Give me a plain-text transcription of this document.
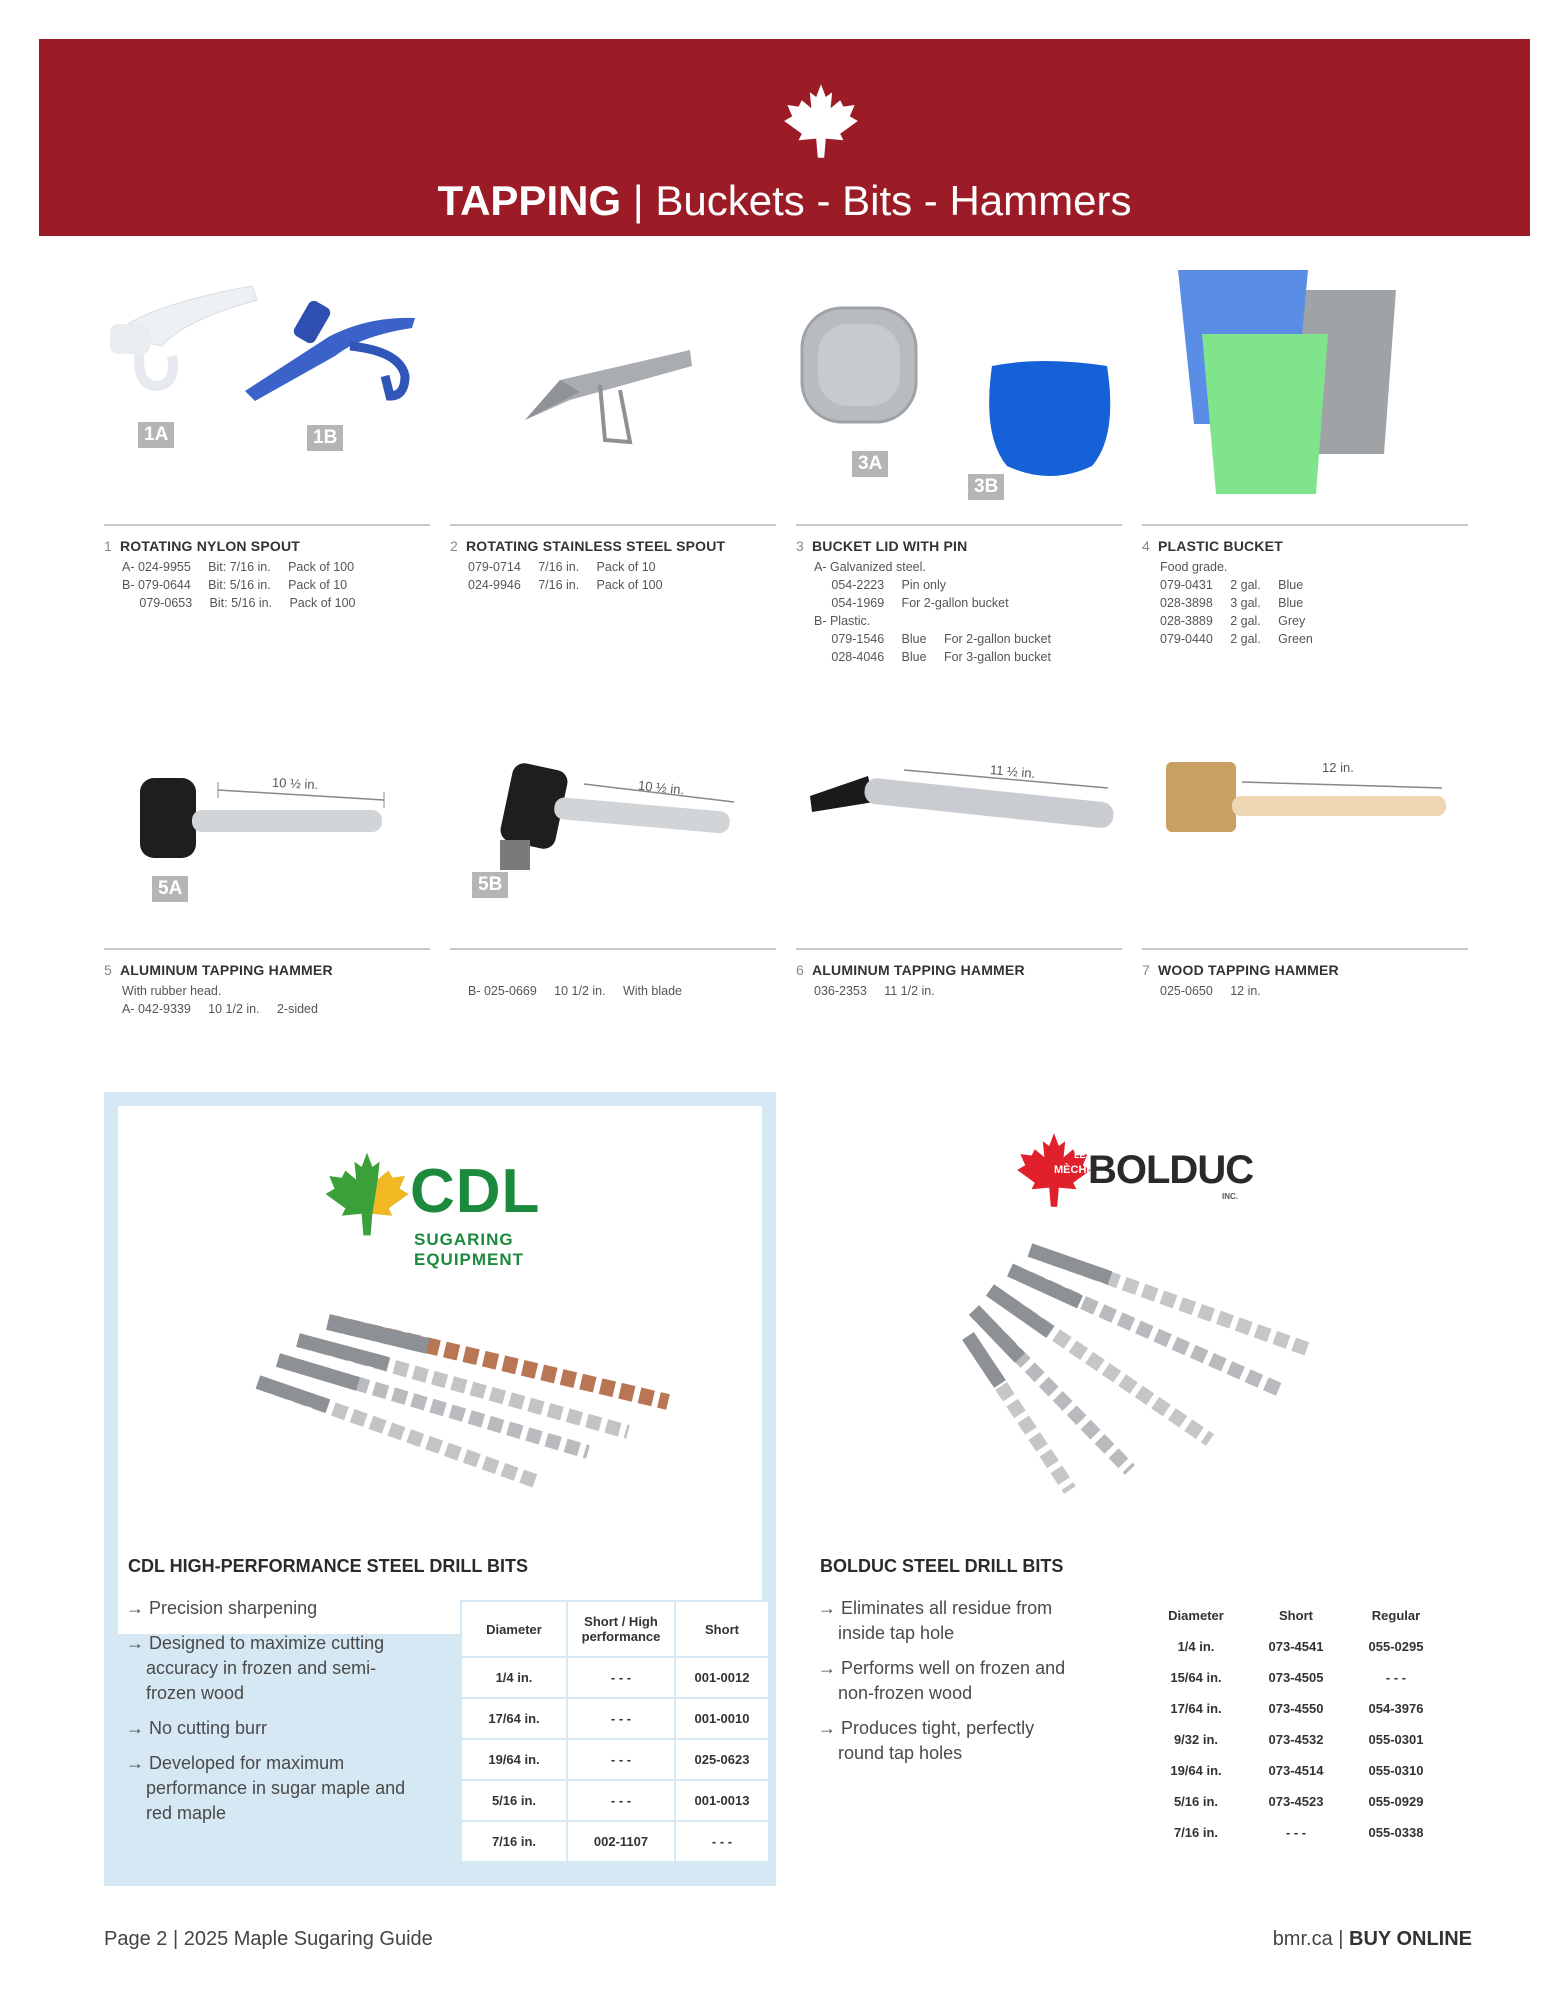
TAPPING | Buckets - Bits - Hammers
1A	1B
3A
3B
1 ROTATING NYLON SPOUT
A- 024-9955     Bit: 7/16 in.     Pack of 100
B- 079-0644     Bit: 5/16 in.     Pack of 10
079-0653     Bit: 5/16 in.     Pack of 100
2 ROTATING STAINLESS STEEL SPOUT
079-0714     7/16 in.     Pack of 10
024-9946     7/16 in.     Pack of 100
3 BUCKET LID WITH PIN
A- Galvanized steel.
054-2223     Pin only
054-1969     For 2-gallon bucket
B- Plastic.
079-1546     Blue     For 2-gallon bucket
028-4046     Blue     For 3-gallon bucket
4 PLASTIC BUCKET
Food grade.
079-0431     2 gal.     Blue
028-3898     3 gal.     Blue
028-3889     2 gal.     Grey
079-0440     2 gal.     Green
10 ½ in.
5A
10 ½ in.
5B
11 ½ in.	12 in.
5 ALUMINUM TAPPING HAMMER
With rubber head.
A- 042-9339     10 1/2 in.     2-sided

B- 025-0669     10 1/2 in.     With blade
6 ALUMINUM TAPPING HAMMER
036-2353     11 1/2 in.
7 WOOD TAPPING HAMMER
025-0650     12 in.
CDL
SUGARING
EQUIPMENT
CDL HIGH-PERFORMANCE STEEL DRILL BITS
→ Precision sharpening
→ Designed to maximize cutting accuracy in frozen and semi-frozen wood
→ No cutting burr
→ Developed for maximum performance in sugar maple and red maple
Diameter	Short / High performance	Short
1/4 in.	- - -	001-0012
17/64 in.	- - -	001-0010
19/64 in.	- - -	025-0623
5/16 in.	- - -	001-0013
7/16 in.	002-1107	- - -
LES
MÈCHES
BOLDUC
INC.
BOLDUC STEEL DRILL BITS
→ Eliminates all residue from inside tap hole
→ Performs well on frozen and non-frozen wood
→ Produces tight, perfectly round tap holes
Diameter	Short	Regular
1/4 in.	073-4541	055-0295
15/64 in.	073-4505	- - -
17/64 in.	073-4550	054-3976
9/32 in.	073-4532	055-0301
19/64 in.	073-4514	055-0310
5/16 in.	073-4523	055-0929
7/16 in.	- - -	055-0338
Page 2 | 2025 Maple Sugaring Guide	bmr.ca | BUY ONLINE
